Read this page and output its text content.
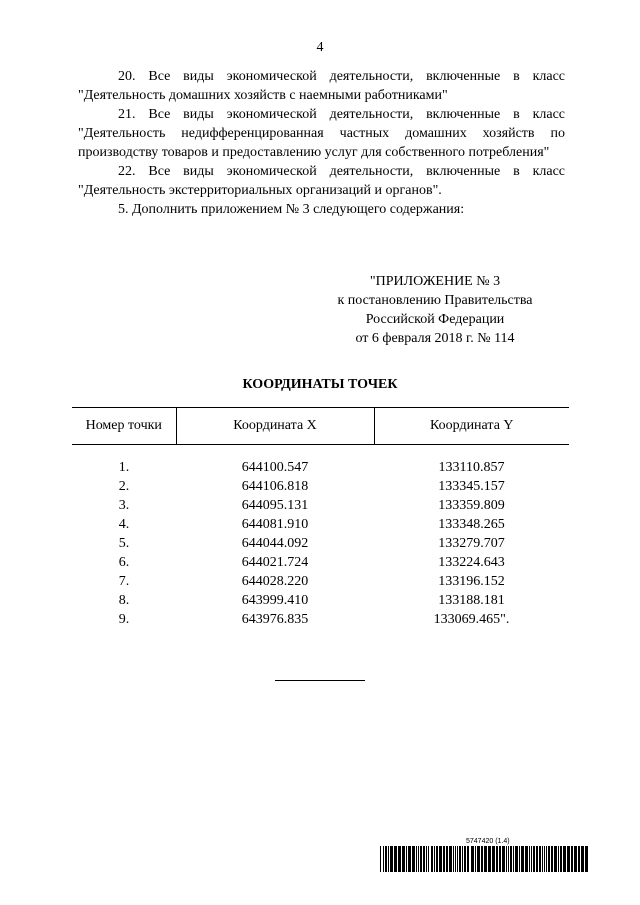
4

20. Все виды экономической деятельности, включенные в класс "Деятельность домашних хозяйств с наемными работниками"

21. Все виды экономической деятельности, включенные в класс "Деятельность недифференцированная частных домашних хозяйств по производству товаров и предоставлению услуг для собственного потребления"

22. Все виды экономической деятельности, включенные в класс "Деятельность экстерриториальных организаций и органов".

5. Дополнить приложением № 3 следующего содержания:

"ПРИЛОЖЕНИЕ № 3
к постановлению Правительства
Российской Федерации
от 6 февраля 2018 г. № 114
КООРДИНАТЫ ТОЧЕК
Номер точки	Координата X	Координата Y

1.	644100.547	133110.857
2.	644106.818	133345.157
3.	644095.131	133359.809
4.	644081.910	133348.265
5.	644044.092	133279.707
6.	644021.724	133224.643
7.	644028.220	133196.152
8.	643999.410	133188.181
9.	643976.835	133069.465".
5747420 (1.4)
